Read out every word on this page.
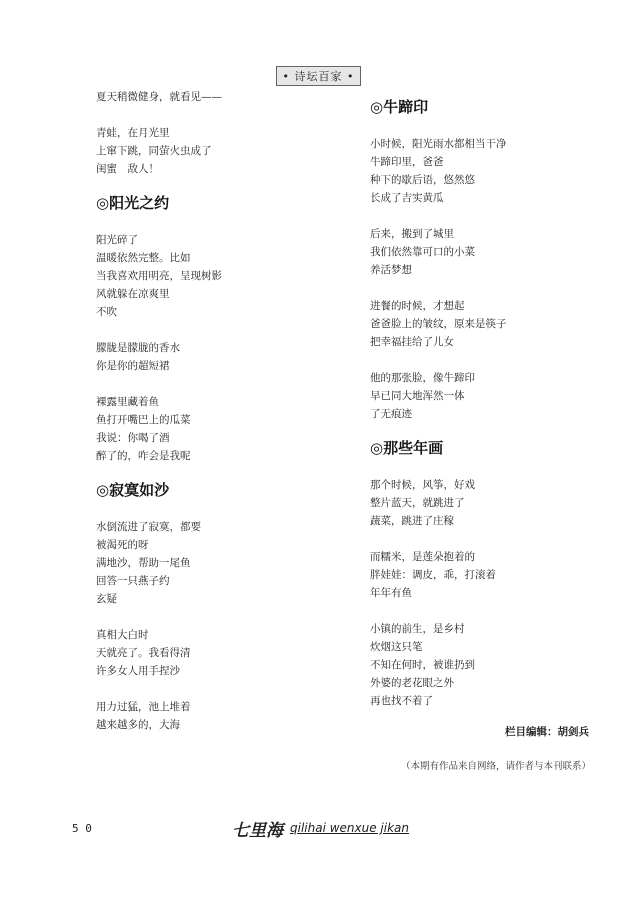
• 诗坛百家 •
夏天稍微健身，就看见——
青蛙，在月光里
上窜下跳，同萤火虫成了
闺蜜　敌人！
◎阳光之约
阳光碎了
温暖依然完整。比如
当我喜欢用明亮，呈现树影
风就躲在凉爽里
不吹
朦胧是朦胧的香水
你是你的超短裙
裸露里藏着鱼
鱼打开嘴巴上的瓜菜
我说：你喝了酒
醉了的，咋会是我呢
◎寂寞如沙
水倒流进了寂寞，都要
被渴死的呀
满地沙，帮助一尾鱼
回答一只燕子约
玄疑
真相大白时
天就亮了。我看得清
许多女人用手捏沙
用力过猛，池上堆着
越来越多的，大海
◎牛蹄印
小时候，阳光雨水都相当干净
牛蹄印里，爸爸
种下的歇后语，悠然悠
长成了吉实黄瓜
后来，搬到了城里
我们依然靠可口的小菜
养活梦想
进餐的时候，才想起
爸爸脸上的皱纹，原来是筷子
把幸福挂给了儿女
他的那张脸，像牛蹄印
早已同大地浑然一体
了无痕迹
◎那些年画
那个时候，风筝，好戏
整片蓝天，就跳进了
蔬菜，跳进了庄稼
而糯米，是莲朵抱着的
胖娃娃：调皮，乖，打滚着
年年有鱼
小镇的前生，是乡村
炊烟这只笔
不知在何时，被谁扔到
外婆的老花眼之外
再也找不着了
栏目编辑：胡剑兵
（本期有作品来自网络，请作者与本刊联系）
5 0	七里海 qilihai wenxue jikan
